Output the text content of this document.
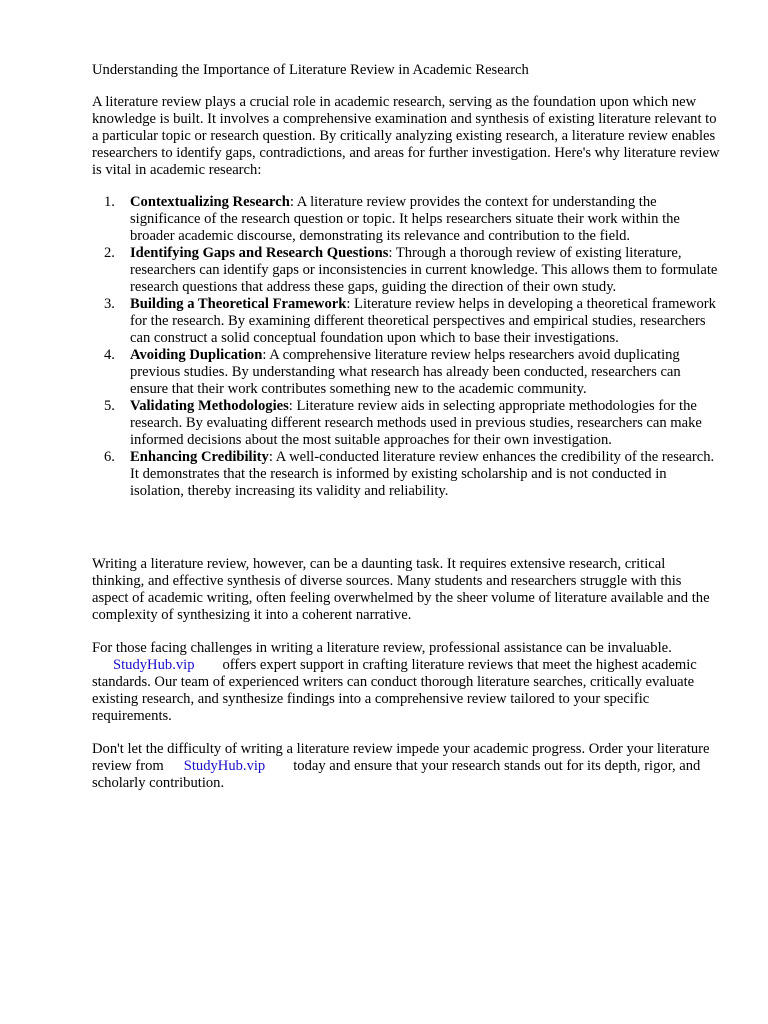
Understanding the Importance of Literature Review in Academic Research

A literature review plays a crucial role in academic research, serving as the foundation upon which new knowledge is built. It involves a comprehensive examination and synthesis of existing literature relevant to a particular topic or research question. By critically analyzing existing research, a literature review enables researchers to identify gaps, contradictions, and areas for further investigation. Here's why literature review is vital in academic research:

1. Contextualizing Research: A literature review provides the context for understanding the significance of the research question or topic. It helps researchers situate their work within the broader academic discourse, demonstrating its relevance and contribution to the field.
2. Identifying Gaps and Research Questions: Through a thorough review of existing literature, researchers can identify gaps or inconsistencies in current knowledge. This allows them to formulate research questions that address these gaps, guiding the direction of their own study.
3. Building a Theoretical Framework: Literature review helps in developing a theoretical framework for the research. By examining different theoretical perspectives and empirical studies, researchers can construct a solid conceptual foundation upon which to base their investigations.
4. Avoiding Duplication: A comprehensive literature review helps researchers avoid duplicating previous studies. By understanding what research has already been conducted, researchers can ensure that their work contributes something new to the academic community.
5. Validating Methodologies: Literature review aids in selecting appropriate methodologies for the research. By evaluating different research methods used in previous studies, researchers can make informed decisions about the most suitable approaches for their own investigation.
6. Enhancing Credibility: A well-conducted literature review enhances the credibility of the research. It demonstrates that the research is informed by existing scholarship and is not conducted in isolation, thereby increasing its validity and reliability.

Writing a literature review, however, can be a daunting task. It requires extensive research, critical thinking, and effective synthesis of diverse sources. Many students and researchers struggle with this aspect of academic writing, often feeling overwhelmed by the sheer volume of literature available and the complexity of synthesizing it into a coherent narrative.

For those facing challenges in writing a literature review, professional assistance can be invaluable.
StudyHub.vip offers expert support in crafting literature reviews that meet the highest academic standards. Our team of experienced writers can conduct thorough literature searches, critically evaluate existing research, and synthesize findings into a comprehensive review tailored to your specific requirements.

Don't let the difficulty of writing a literature review impede your academic progress. Order your literature review from StudyHub.vip today and ensure that your research stands out for its depth, rigor, and scholarly contribution.
